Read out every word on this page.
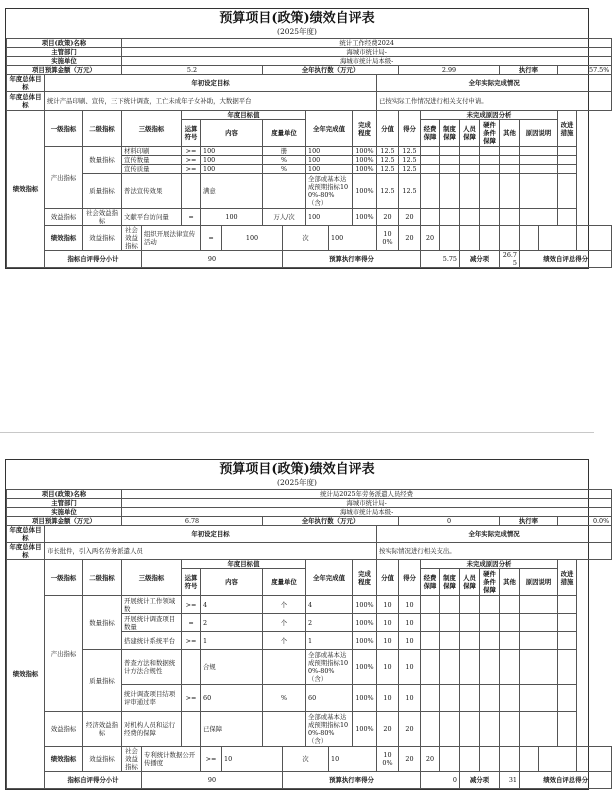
预算项目(政策)绩效自评表
(2025年度)
项目(政策)名称			统计工作经费2024																					
主管部门			海城市统计局-																					
实施单位			海城市统计局本级-																					
项目预算金额（万元）			5.2					全年执行数（万元）						2.99					执行率			57.5%		
年度总体目标	年初设定目标												全年实际完成情况											
年度总体目标	统计产品印刷、宣传，三下统计调查，工亡未成年子女补助，大数据平台												已按实际工作情况进行相关支付申请。											
绩效指标	一级指标	二级指标	三级指标		年度目标值					全年完成值		完成程度	分值	得分	未完成原因分析							改进措施		
					运算符号	内容		度量单位							经费保障	制度保障	人员保障	硬件条件保障	其他	原因说明				
	产出指标	数量指标	材料印刷		>=	100		册		100		100%	12.5	12.5										
			宣传数量		>=	100		%		100		100%	12.5	12.5										
			宣传质量		>=	100		%		100		100%	12.5	12.5										
		质量指标	普法宣传效果			满意				全部或基本达成预期指标100%-80%（含）		100%	12.5	12.5										
	效益指标	社会效益指标	文献平台访问量		=	100		万人/次		100		100%	20	20										
	绩效指标	效益指标	社会效益指标	组织开展法律宣传活动		=	100		次		100		100%	20	20									
	指标自评得分小计			90					预算执行率得分						5.75		减分项		26.75	绩效自评总得分	
预算项目(政策)绩效自评表
(2025年度)
项目(政策)名称			统计局2025年劳务派遣人员经费																					
主管部门			海城市统计局-																					
实施单位			海城市统计局本级-																					
项目预算金额（万元）			6.78					全年执行数（万元）						0					执行率			0.0%		
年度总体目标	年初设定目标												全年实际完成情况											
年度总体目标	市长批件，引入两名劳务派遣人员												按实际情况进行相关支出。											
绩效指标	一级指标	二级指标	三级指标		年度目标值					全年完成值		完成程度	分值	得分	未完成原因分析							改进措施		
					运算符号	内容		度量单位							经费保障	制度保障	人员保障	硬件条件保障	其他	原因说明				
	产出指标	数量指标	开展统计工作领域数		>=	4		个		4		100%	10	10										
			开展统计调查项目数量		=	2		个		2		100%	10	10										
			搭建统计系统平台		>=	1		个		1		100%	10	10										
		质量指标	普查方法和数据统计方法合规性			合规				全部或基本达成预期指标100%-80%（含）		100%	10	10										
			统计调查项目结项评审通过率		>=	60		%		60		100%	10	10										
	效益指标	经济效益指标	对机构人员和运行经费的保障			已保障				全部或基本达成预期指标100%-80%（含）		100%	20	20										
	绩效指标	效益指标	社会效益指标	专利统计数据公开传播度		>=	10		次		10		100%	20	20									
	指标自评得分小计			90					预算执行率得分						0		减分项		31	绩效自评总得分	
